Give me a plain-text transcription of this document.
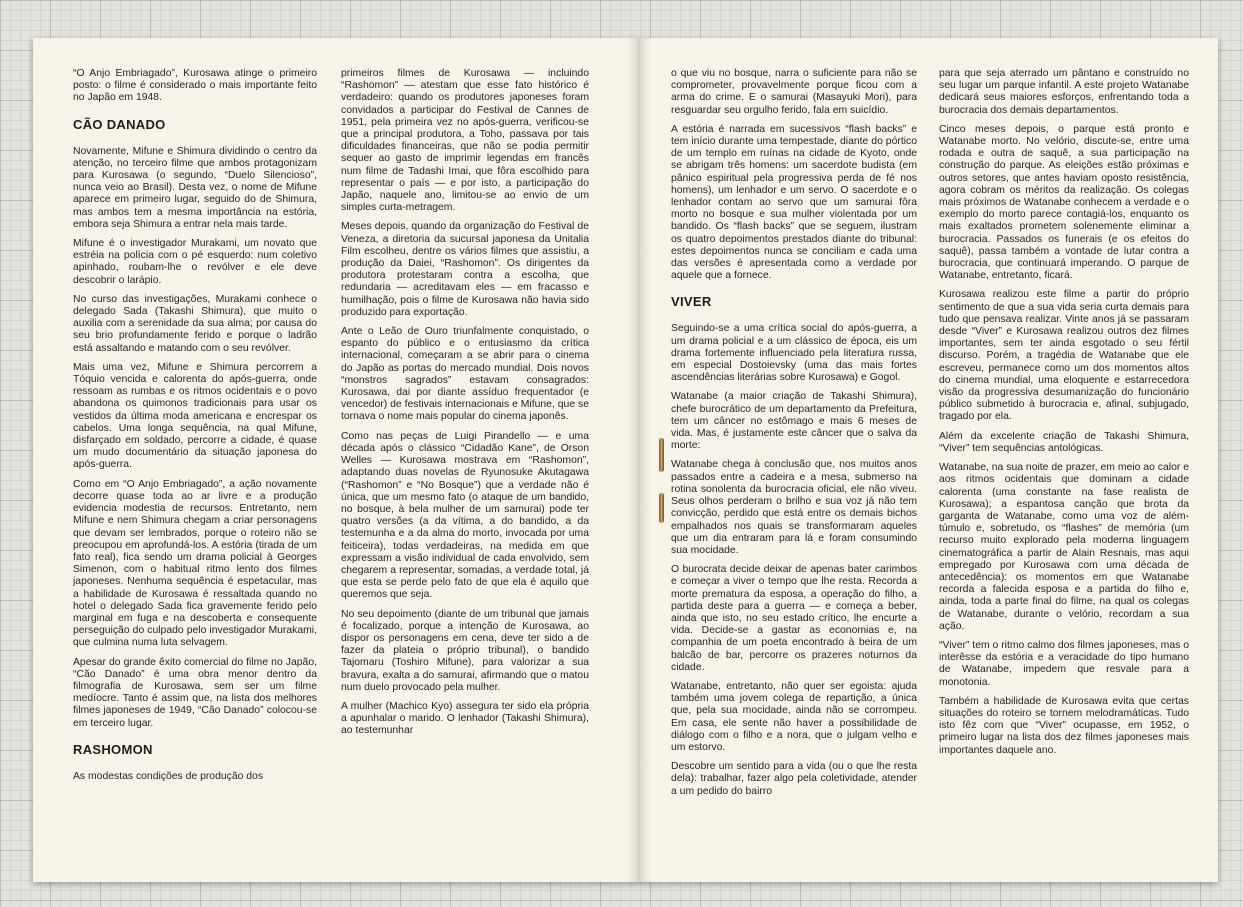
“O Anjo Embriagado”, Kurosawa atinge o primeiro posto: o filme é considerado o mais importante feito no Japão em 1948.

CÃO DANADO

Novamente, Mifune e Shimura dividindo o centro da atenção, no terceiro filme que ambos protagonizam para Kurosawa (o segundo, “Duelo Silencioso”, nunca veio ao Brasil). Desta vez, o nome de Mifune aparece em primeiro lugar, seguido do de Shimura, mas ambos tem a mesma importância na estória, embora seja Shimura a entrar nela mais tarde.

Mifune é o investigador Murakami, um novato que estréia na polícia com o pé esquerdo: num coletivo apinhado, roubam-lhe o revólver e ele deve descobrir o larápio.

No curso das investigações, Murakami conhece o delegado Sada (Takashi Shimura), que muito o auxilia com a serenidade da sua alma; por causa do seu brio profundamente ferido e porque o ladrão está assaltando e matando com o seu revólver.

Mais uma vez, Mifune e Shimura percorrem a Tóquio vencida e calorenta do após-guerra, onde ressoam as rumbas e os ritmos ocidentais e o povo abandona os quimonos tradicionais para usar os vestidos da última moda americana e encrespar os cabelos. Uma longa sequência, na qual Mifune, disfarçado em soldado, percorre a cidade, é quase um mudo documentário da situação japonesa do após-guerra.

Como em “O Anjo Embriagado”, a ação novamente decorre quase toda ao ar livre e a produção evidencia modestia de recursos. Entretanto, nem Mifune e nem Shimura chegam a criar personagens que devam ser lembrados, porque o roteiro não se preocupou em aprofundá-los. A estória (tirada de um fato real), fica sendo um drama policial à Georges Simenon, com o habitual ritmo lento dos filmes japoneses. Nenhuma sequência é espetacular, mas a habilidade de Kurosawa é ressaltada quando no hotel o delegado Sada fica gravemente ferido pelo marginal em fuga e na descoberta e consequente perseguição do culpado pelo investigador Murakami, que culmina numa luta selvagem.

Apesar do grande êxito comercial do filme no Japão, “Cão Danado” é uma obra menor dentro da filmografia de Kurosawa, sem ser um filme medíocre. Tanto é assim que, na lista dos melhores filmes japoneses de 1949, “Cão Danado” colocou-se em terceiro lugar.

RASHOMON

As modestas condições de produção dos

primeiros filmes de Kurosawa — incluindo “Rashomon” — atestam que esse fato histórico é verdadeiro: quando os produtores japoneses foram convidados a participar do Festival de Cannes de 1951, pela primeira vez no após-guerra, verificou-se que a principal produtora, a Toho, passava por tais dificuldades financeiras, que não se podia permitir sequer ao gasto de imprimir legendas em francês num filme de Tadashi Imai, que fôra escolhido para representar o país — e por isto, a participação do Japão, naquele ano, limitou-se ao envio de um simples curta-metragem.

Meses depois, quando da organização do Festival de Veneza, a diretoria da sucursal japonesa da Unitalia Film escolheu, dentre os vários filmes que assistiu, a produção da Daiei, “Rashomon”. Os dirigentes da produtora protestaram contra a escolha, que redundaria — acreditavam eles — em fracasso e humilhação, pois o filme de Kurosawa não havia sido produzido para exportação.

Ante o Leão de Ouro triunfalmente conquistado, o espanto do público e o entusiasmo da crítica internacional, começaram a se abrir para o cinema do Japão as portas do mercado mundial. Dois novos “monstros sagrados” estavam consagrados: Kurosawa, dai por diante assíduo frequentador (e vencedor) de festivais internacionais e Mifune, que se tornava o nome mais popular do cinema japonês.

Como nas peças de Luigi Pirandello — e uma década após o clássico “Cidadão Kane”, de Orson Welles — Kurosawa mostrava em “Rashomon”, adaptando duas novelas de Ryunosuke Akutagawa (“Rashomon” e “No Bosque”) que a verdade não é única, que um mesmo fato (o ataque de um bandido, no bosque, à bela mulher de um samurai) pode ter quatro versões (a da vítima, a do bandido, a da testemunha e a da alma do morto, invocada por uma feiticeira), todas verdadeiras, na medida em que expressam a visão individual de cada envolvido, sem chegarem a representar, somadas, a verdade total, já que esta se perde pelo fato de que ela é aquilo que queremos que seja.

No seu depoimento (diante de um tribunal que jamais é focalizado, porque a intenção de Kurosawa, ao dispor os personagens em cena, deve ter sido a de fazer da plateia o próprio tribunal), o bandido Tajomaru (Toshiro Mifune), para valorizar a sua bravura, exalta a do samurai, afirmando que o matou num duelo provocado pela mulher.

A mulher (Machico Kyo) assegura ter sido ela própria a apunhalar o marido. O lenhador (Takashi Shimura), ao testemunhar

o que viu no bosque, narra o suficiente para não se comprometer, provavelmente porque ficou com a arma do crime. E o samurai (Masayuki Mori), para resguardar seu orgulho ferido, fala em suicídio.

A estória é narrada em sucessivos “flash backs” e tem início durante uma tempestade, diante do pórtico de um templo em ruínas na cidade de Kyoto, onde se abrigam três homens: um sacerdote budista (em pânico espiritual pela progressiva perda de fé nos homens), um lenhador e um servo. O sacerdote e o lenhador contam ao servo que um samurai fôra morto no bosque e sua mulher violentada por um bandido. Os “flash backs” que se seguem, ilustram os quatro depoimentos prestados diante do tribunal: estes depoimentos nunca se conciliam e cada uma das versões é apresentada como a verdade por aquele que a fornece.

VIVER

Seguindo-se a uma crítica social do após-guerra, a um drama policial e a um clássico de época, eis um drama fortemente influenciado pela literatura russa, em especial Dostoievsky (uma das mais fortes ascendências literárias sobre Kurosawa) e Gogol.

Watanabe (a maior criação de Takashi Shimura), chefe burocrático de um departamento da Prefeitura, tem um câncer no estômago e mais 6 meses de vida. Mas, é justamente este câncer que o salva da morte:

Watanabe chega à conclusão que, nos muitos anos passados entre a cadeira e a mesa, submerso na rotina sonolenta da burocracia oficial, ele não viveu. Seus olhos perderam o brilho e sua voz já não tem convicção, perdido que está entre os demais bichos empalhados nos quais se transformaram aqueles que um dia entraram para lá e foram consumindo sua mocidade.

O burocrata decide deixar de apenas bater carimbos e começar a viver o tempo que lhe resta. Recorda a morte prematura da esposa, a operação do filho, a partida deste para a guerra — e começa a beber, ainda que isto, no seu estado crítico, lhe encurte a vida. Decide-se a gastar as economias e, na companhia de um poeta encontrado à beira de um balcão de bar, percorre os prazeres noturnos da cidade.

Watanabe, entretanto, não quer ser egoista: ajuda também uma jovem colega de repartição, a única que, pela sua mocidade, ainda não se corrompeu. Em casa, ele sente não haver a possibilidade de diálogo com o filho e a nora, que o julgam velho e um estorvo.

Descobre um sentido para a vida (ou o que lhe resta dela): trabalhar, fazer algo pela coletividade, atender a um pedido do bairro

para que seja aterrado um pântano e construído no seu lugar um parque infantil. A este projeto Watanabe dedicará seus maiores esforços, enfrentando toda a burocracia dos demais departamentos.

Cinco meses depois, o parque está pronto e Watanabe morto. No velório, discute-se, entre uma rodada e outra de saquê, a sua participação na construção do parque. As eleições estão próximas e outros setores, que antes haviam oposto resistência, agora cobram os méritos da realização. Os colegas mais próximos de Watanabe conhecem a verdade e o exemplo do morto parece contagiá-los, enquanto os mais exaltados prometem solenemente eliminar a burocracia. Passados os funerais (e os efeitos do saquê), passa também a vontade de lutar contra a burocracia, que continuará imperando. O parque de Watanabe, entretanto, ficará.

Kurosawa realizou este filme a partir do próprio sentimento de que a sua vida seria curta demais para tudo que pensava realizar. Vinte anos já se passaram desde “Viver” e Kurosawa realizou outros dez filmes importantes, sem ter ainda esgotado o seu fértil discurso. Porém, a tragédia de Watanabe que ele escreveu, permanece como um dos momentos altos do cinema mundial, uma eloquente e estarrecedora visão da progressiva desumanização do funcionário público submetido à burocracia e, afinal, subjugado, tragado por ela.

Além da excelente criação de Takashi Shimura, “Viver” tem sequências antológicas.

Watanabe, na sua noite de prazer, em meio ao calor e aos ritmos ocidentais que dominam a cidade calorenta (uma constante na fase realista de Kurosawa); a espantosa canção que brota da garganta de Watanabe, como uma voz de além-túmulo e, sobretudo, os “flashes” de memória (um recurso muito explorado pela moderna linguagem cinematográfica a partir de Alain Resnais, mas aqui empregado por Kurosawa com uma década de antecedência): os momentos em que Watanabe recorda a falecida esposa e a partida do filho e, ainda, toda a parte final do filme, na qual os colegas de Watanabe, durante o velório, recordam a sua ação.

“Viver” tem o ritmo calmo dos filmes japoneses, mas o interêsse da estória e a veracidade do tipo humano de Watanabe, impedem que resvale para a monotonia.

Também a habilidade de Kurosawa evita que certas situações do roteiro se tornem melodramáticas. Tudo isto fêz com que “Viver” ocupasse, em 1952, o primeiro lugar na lista dos dez filmes japoneses mais importantes daquele ano.
